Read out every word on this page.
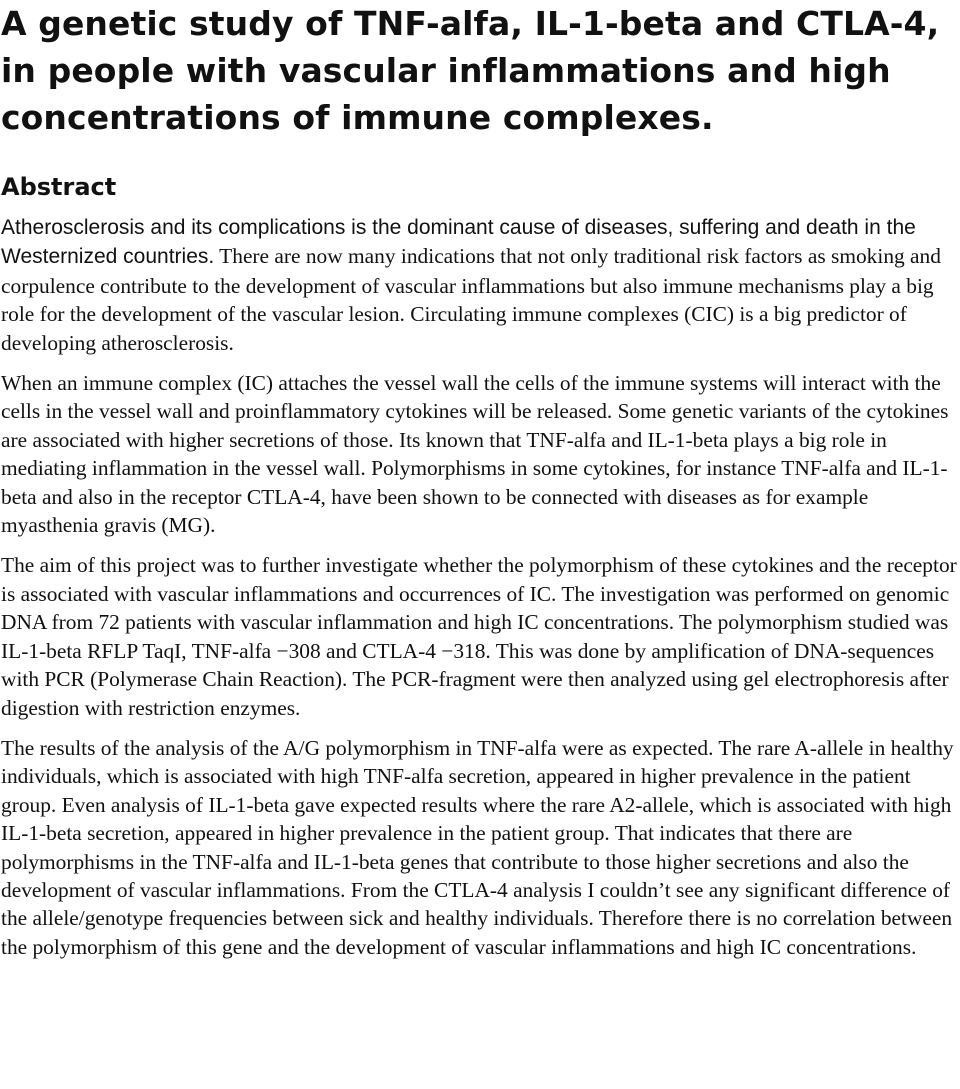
A genetic study of TNF-alfa, IL-1-beta and CTLA-4, in people with vascular inflammations and high concentrations of immune complexes.
Abstract

Atherosclerosis and its complications is the dominant cause of diseases, suffering and death in the Westernized countries. There are now many indications that not only traditional risk factors as smoking and corpulence contribute to the development of vascular inflammations but also immune mechanisms play a big role for the development of the vascular lesion. Circulating immune complexes (CIC) is a big predictor of developing atherosclerosis.

When an immune complex (IC) attaches the vessel wall the cells of the immune systems will interact with the cells in the vessel wall and proinflammatory cytokines will be released. Some genetic variants of the cytokines are associated with higher secretions of those. Its known that TNF-alfa and IL-1-beta plays a big role in mediating inflammation in the vessel wall. Polymorphisms in some cytokines, for instance TNF-alfa and IL-1-beta and also in the receptor CTLA-4, have been shown to be connected with diseases as for example myasthenia gravis (MG).

The aim of this project was to further investigate whether the polymorphism of these cytokines and the receptor is associated with vascular inflammations and occurrences of IC. The investigation was performed on genomic DNA from 72 patients with vascular inflammation and high IC concentrations. The polymorphism studied was IL-1-beta RFLP TaqI, TNF-alfa −308 and CTLA-4 −318. This was done by amplification of DNA-sequences with PCR (Polymerase Chain Reaction). The PCR-fragment were then analyzed using gel electrophoresis after digestion with restriction enzymes.

The results of the analysis of the A/G polymorphism in TNF-alfa were as expected. The rare A-allele in healthy individuals, which is associated with high TNF-alfa secretion, appeared in higher prevalence in the patient group. Even analysis of IL-1-beta gave expected results where the rare A2-allele, which is associated with high IL-1-beta secretion, appeared in higher prevalence in the patient group. That indicates that there are polymorphisms in the TNF-alfa and IL-1-beta genes that contribute to those higher secretions and also the development of vascular inflammations. From the CTLA-4 analysis I couldn’t see any significant difference of the allele/genotype frequencies between sick and healthy individuals. Therefore there is no correlation between the polymorphism of this gene and the development of vascular inflammations and high IC concentrations.
